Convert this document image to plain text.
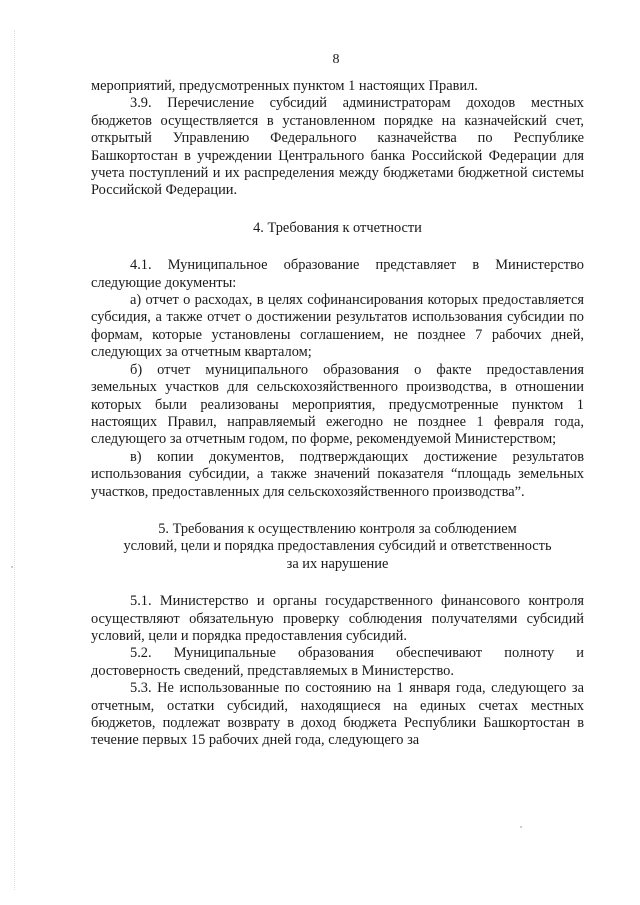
8

мероприятий, предусмотренных пунктом 1 настоящих Правил.

3.9. Перечисление субсидий администраторам доходов местных бюджетов осуществляется в установленном порядке на казначейский счет, открытый Управлению Федерального казначейства по Республике Башкортостан в учреждении Центрального банка Российской Федерации для учета поступлений и их распределения между бюджетами бюджетной системы Российской Федерации.

4. Требования к отчетности

4.1. Муниципальное образование представляет в Министерство следующие документы:

а) отчет о расходах, в целях софинансирования которых предоставляется субсидия, а также отчет о достижении результатов использования субсидии по формам, которые установлены соглашением, не позднее 7 рабочих дней, следующих за отчетным кварталом;

б) отчет муниципального образования о факте предоставления земельных участков для сельскохозяйственного производства, в отношении которых были реализованы мероприятия, предусмотренные пунктом 1 настоящих Правил, направляемый ежегодно не позднее 1 февраля года, следующего за отчетным годом, по форме, рекомендуемой Министерством;

в) копии документов, подтверждающих достижение результатов использования субсидии, а также значений показателя “площадь земельных участков, предоставленных для сельскохозяйственного производства”.

5. Требования к осуществлению контроля за соблюдением

условий, цели и порядка предоставления субсидий и ответственность

за их нарушение

5.1. Министерство и органы государственного финансового контроля осуществляют обязательную проверку соблюдения получателями субсидий условий, цели и порядка предоставления субсидий.

5.2. Муниципальные образования обеспечивают полноту и достоверность сведений, представляемых в Министерство.

5.3. Не использованные по состоянию на 1 января года, следующего за отчетным, остатки субсидий, находящиеся на единых счетах местных бюджетов, подлежат возврату в доход бюджета Республики Башкортостан в течение первых 15 рабочих дней года, следующего за
